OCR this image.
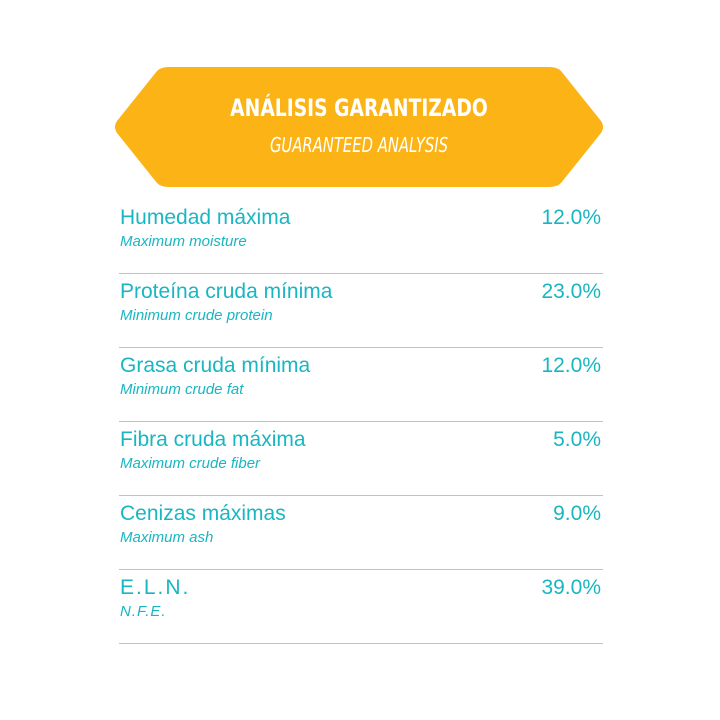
ANÁLISIS GARANTIZADO
GUARANTEED ANALYSIS
Humedad máxima
Maximum moisture
12.0%
Proteína cruda mínima
Minimum crude protein
23.0%
Grasa cruda mínima
Minimum crude fat
12.0%
Fibra cruda máxima
Maximum crude fiber
5.0%
Cenizas máximas
Maximum ash
9.0%
E.L.N.
N.F.E.
39.0%
